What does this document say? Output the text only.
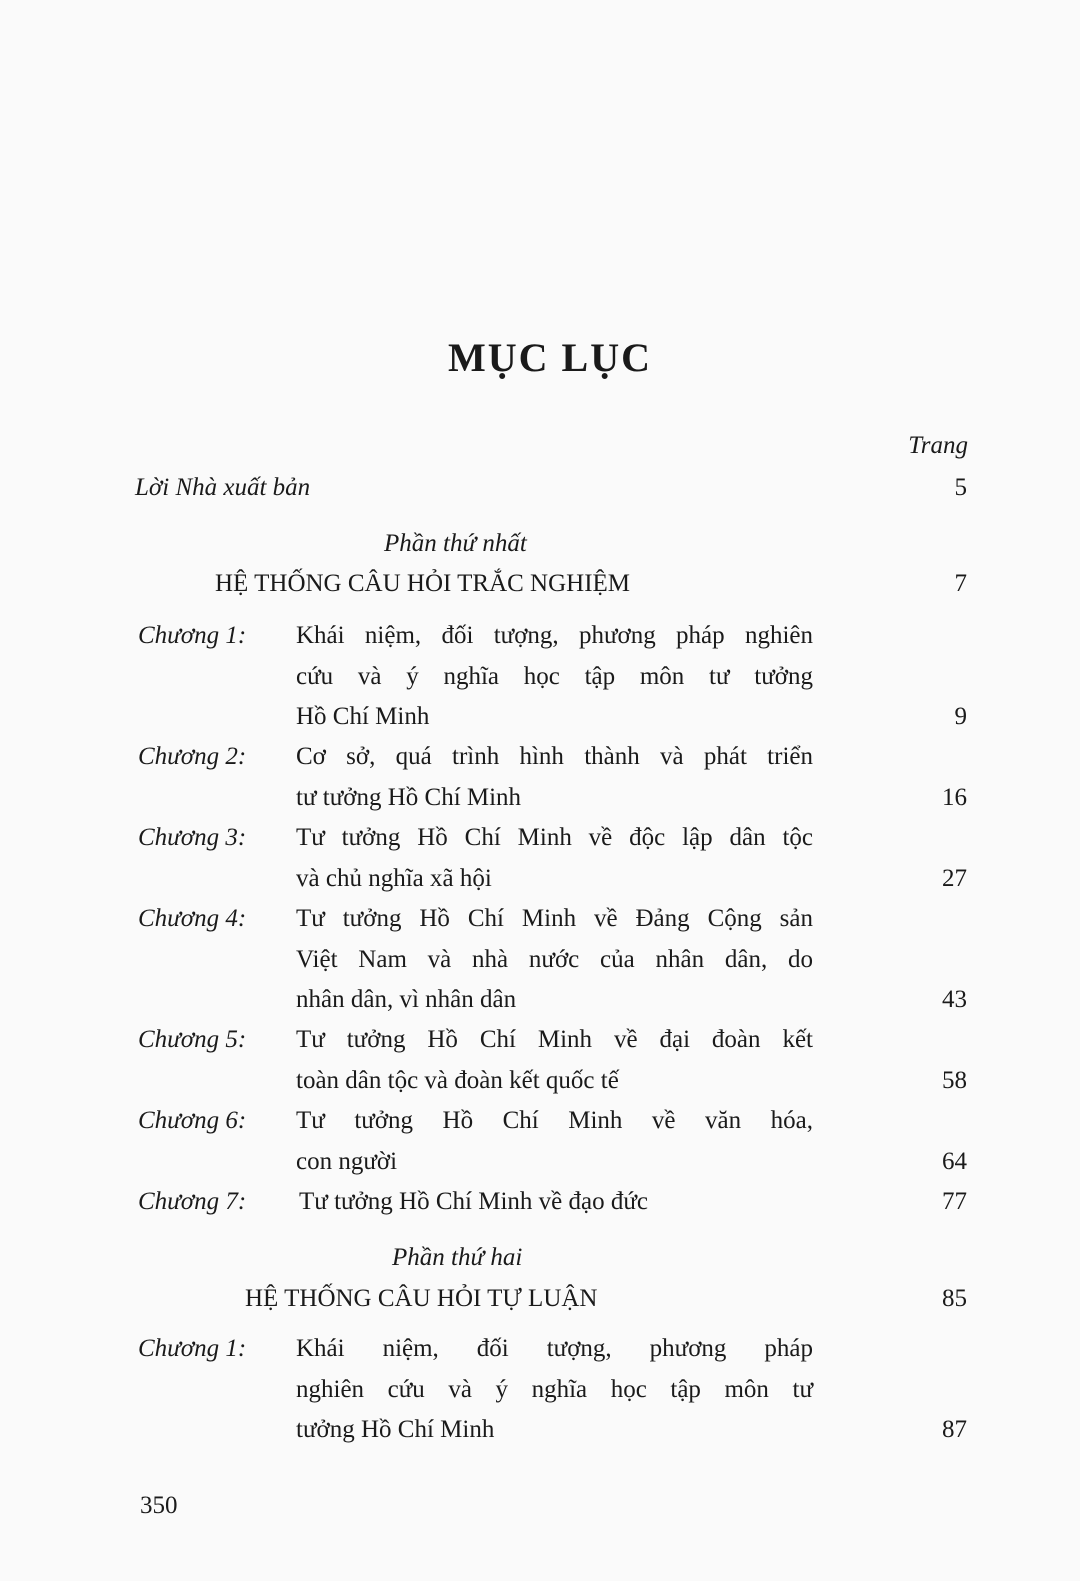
MỤC LỤC
Trang
Lời Nhà xuất bản	5
Phần thứ nhất
HỆ THỐNG CÂU HỎI TRẮC NGHIỆM	7
Chương 1: Khái niệm, đối tượng, phương pháp nghiên
cứu và ý nghĩa học tập môn tư tưởng
Hồ Chí Minh	9
Chương 2: Cơ sở, quá trình hình thành và phát triển
tư tưởng Hồ Chí Minh	16
Chương 3: Tư tưởng Hồ Chí Minh về độc lập dân tộc
và chủ nghĩa xã hội	27
Chương 4: Tư tưởng Hồ Chí Minh về Đảng Cộng sản
Việt Nam và nhà nước của nhân dân, do
nhân dân, vì nhân dân	43
Chương 5: Tư tưởng Hồ Chí Minh về đại đoàn kết
toàn dân tộc và đoàn kết quốc tế	58
Chương 6: Tư tưởng Hồ Chí Minh về văn hóa,
con người	64
Chương 7: Tư tưởng Hồ Chí Minh về đạo đức	77
Phần thứ hai
HỆ THỐNG CÂU HỎI TỰ LUẬN	85
Chương 1: Khái niệm, đối tượng, phương pháp
nghiên cứu và ý nghĩa học tập môn tư
tưởng Hồ Chí Minh	87
350
